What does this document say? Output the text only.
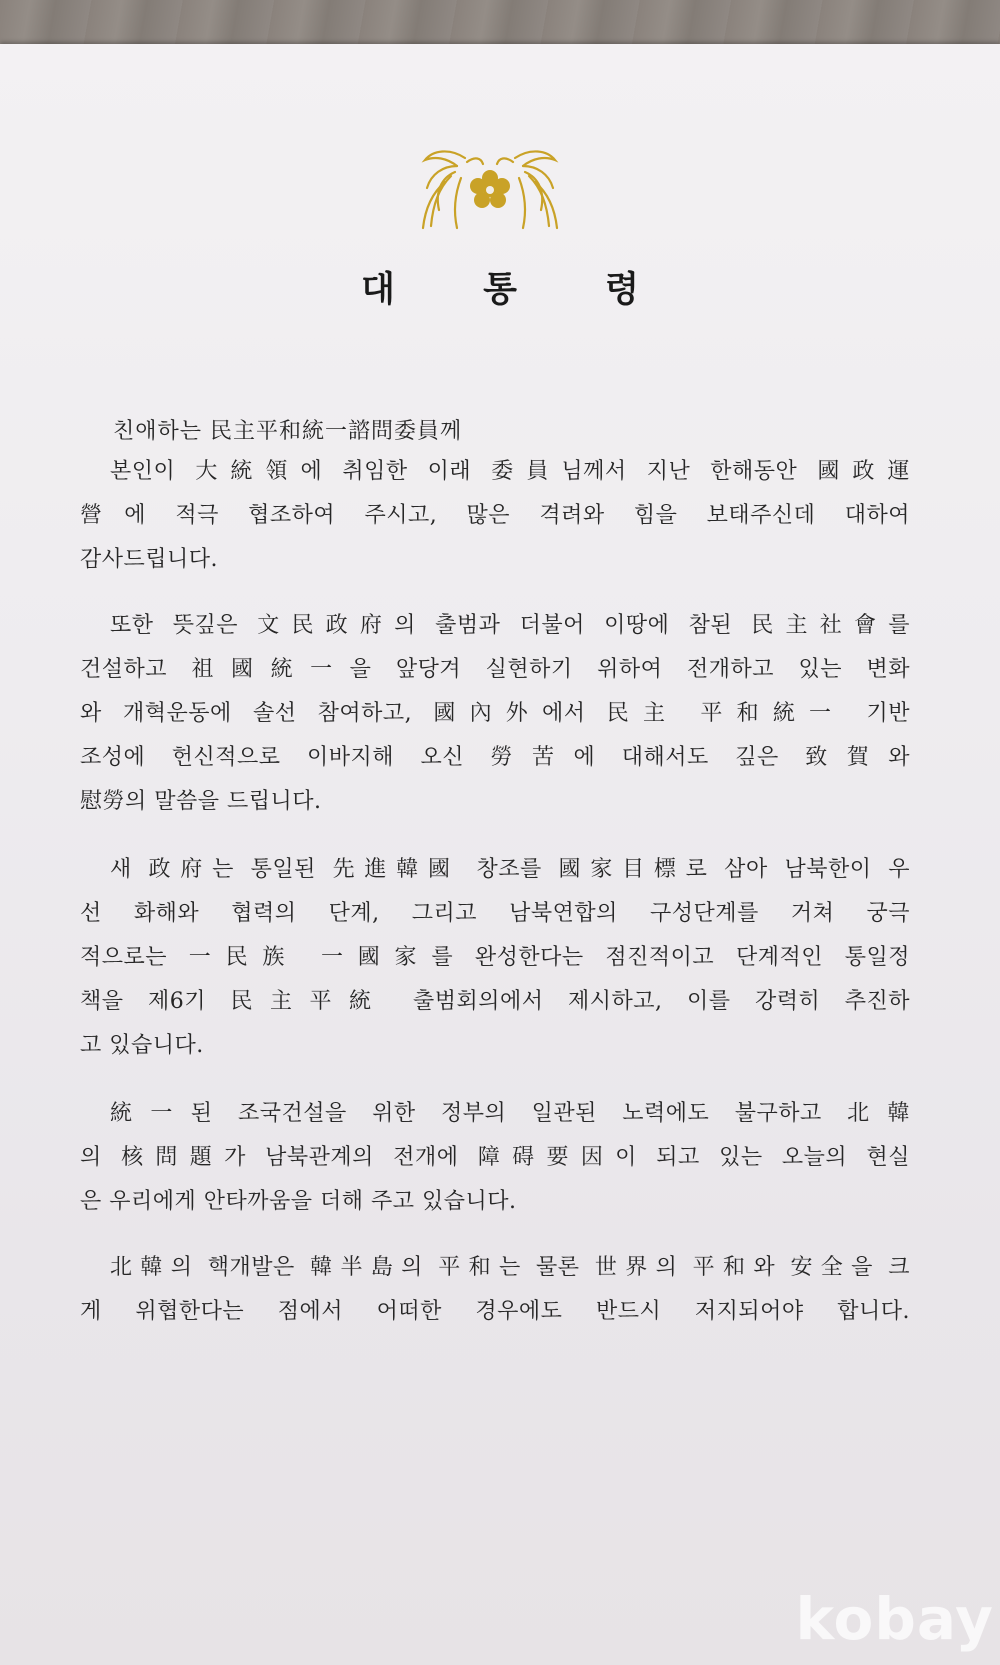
대 통 령
친애하는 民主平和統一諮問委員께
본인이 大統領에 취임한 이래 委員님께서 지난 한해동안 國政運
營에 적극 협조하여 주시고, 많은 격려와 힘을 보태주신데 대하여
감사드립니다.
또한 뜻깊은 文民政府의 출범과 더불어 이땅에 참된 民主社會를
건설하고 祖國統一을 앞당겨 실현하기 위하여 전개하고 있는 변화
와 개혁운동에 솔선 참여하고, 國內外에서 民主 平和統一 기반
조성에 헌신적으로 이바지해 오신 勞苦에 대해서도 깊은 致賀와
慰勞의 말씀을 드립니다.
새 政府는 통일된 先進韓國 창조를 國家目標로 삼아 남북한이 우
선 화해와 협력의 단계, 그리고 남북연합의 구성단계를 거쳐 궁극
적으로는 一民族 一國家를 완성한다는 점진적이고 단계적인 통일정
책을 제6기 民主平統 출범회의에서 제시하고, 이를 강력히 추진하
고 있습니다.
統一된 조국건설을 위한 정부의 일관된 노력에도 불구하고 北韓
의 核問題가 남북관계의 전개에 障碍要因이 되고 있는 오늘의 현실
은 우리에게 안타까움을 더해 주고 있습니다.
北韓의 핵개발은 韓半島의 平和는 물론 世界의 平和와 安全을 크
게 위협한다는 점에서 어떠한 경우에도 반드시 저지되어야 합니다.
kobay
